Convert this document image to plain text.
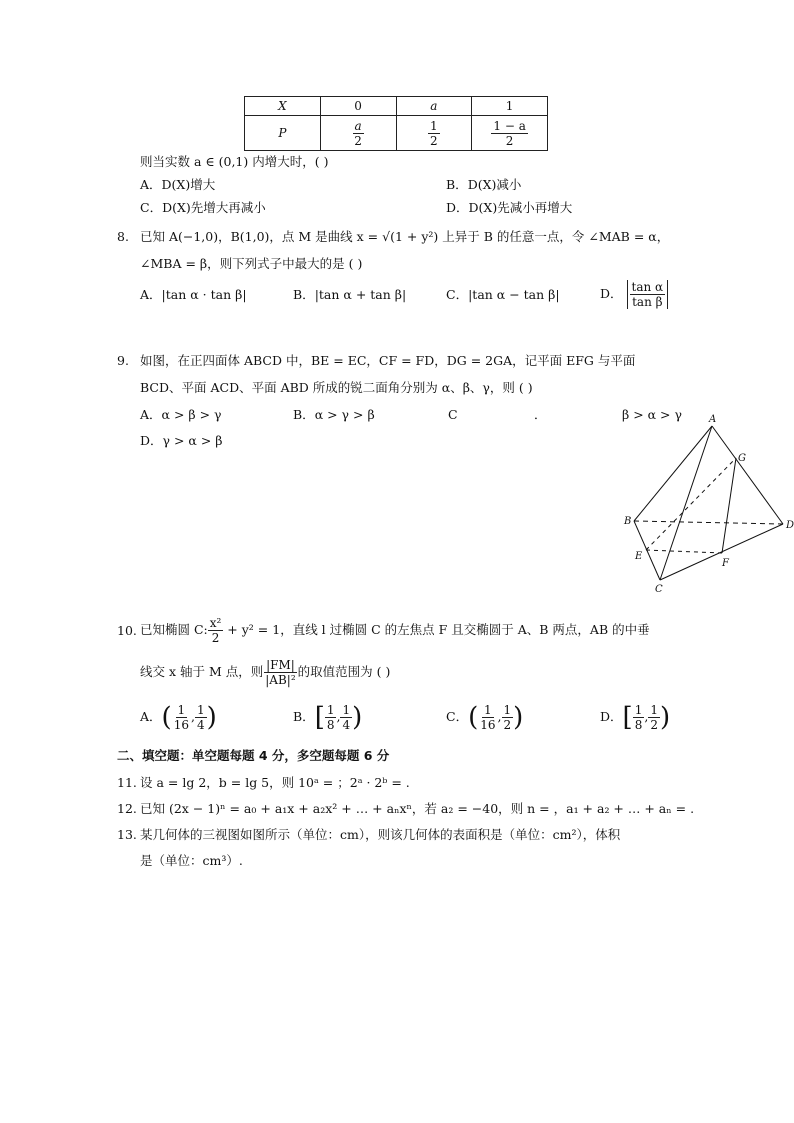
X	0	a	1
P	$\frac{a}{2}$	$\frac{1}{2}$	$\frac{1 - a}{2}$
则当实数 a ∈ (0,1) 内增大时，( )
A．D(X)增大	B．D(X)减小
C．D(X)先增大再减小	D．D(X)先减小再增大
8. 已知 A(−1,0)，B(1,0)，点 M 是曲线 x = √(1 + y²) 上异于 B 的任意一点，令 ∠MAB = α，
∠MBA = β，则下列式子中最大的是 ( )
A．|tan α · tan β|	B．|tan α + tan β|	C．|tan α − tan β|	D． $\frac{\text{tan α}}{\text{tan β}}$
9. 如图，在正四面体 ABCD 中，BE = EC，CF = FD，DG = 2GA，记平面 EFG 与平面
BCD、平面 ACD、平面 ABD 所成的锐二面角分别为 α、β、γ，则 ( )
A．α > β > γ	B．α > γ > β	C	．	β > α > γ
D．γ > α > β
A
G
B	D
E
F
C
10. 已知椭圆 C: $\frac{\text{x²}}{2} + y^2 = 1$，直线 l 过椭圆 C 的左焦点 F 且交椭圆于 A、B 两点，AB 的中垂
线交 x 轴于 M 点，则 $\frac{|FM|}{\text{|AB|²}}$ 的取值范围为 ( )
A．( $\frac{1}{16}$ , $\frac{1}{4}$ )	B．[ $\frac{1}{8}$ , $\frac{1}{4}$ )	C．( $\frac{1}{16}$ , $\frac{1}{2}$ )	D．[ $\frac{1}{8}$ , $\frac{1}{2}$ )
二、填空题：单空题每题 4 分，多空题每题 6 分
11. 设 a = lg 2，b = lg 5，则 10ᵃ = ；2ᵃ · 2ᵇ = .
12. 已知 (2x − 1)ⁿ = a₀ + a₁x + a₂x² + … + aₙxⁿ，若 a₂ = −40，则 n = ，a₁ + a₂ + … + aₙ = .
13. 某几何体的三视图如图所示（单位：cm），则该几何体的表面积是（单位：cm²），体积
是（单位：cm³）.
